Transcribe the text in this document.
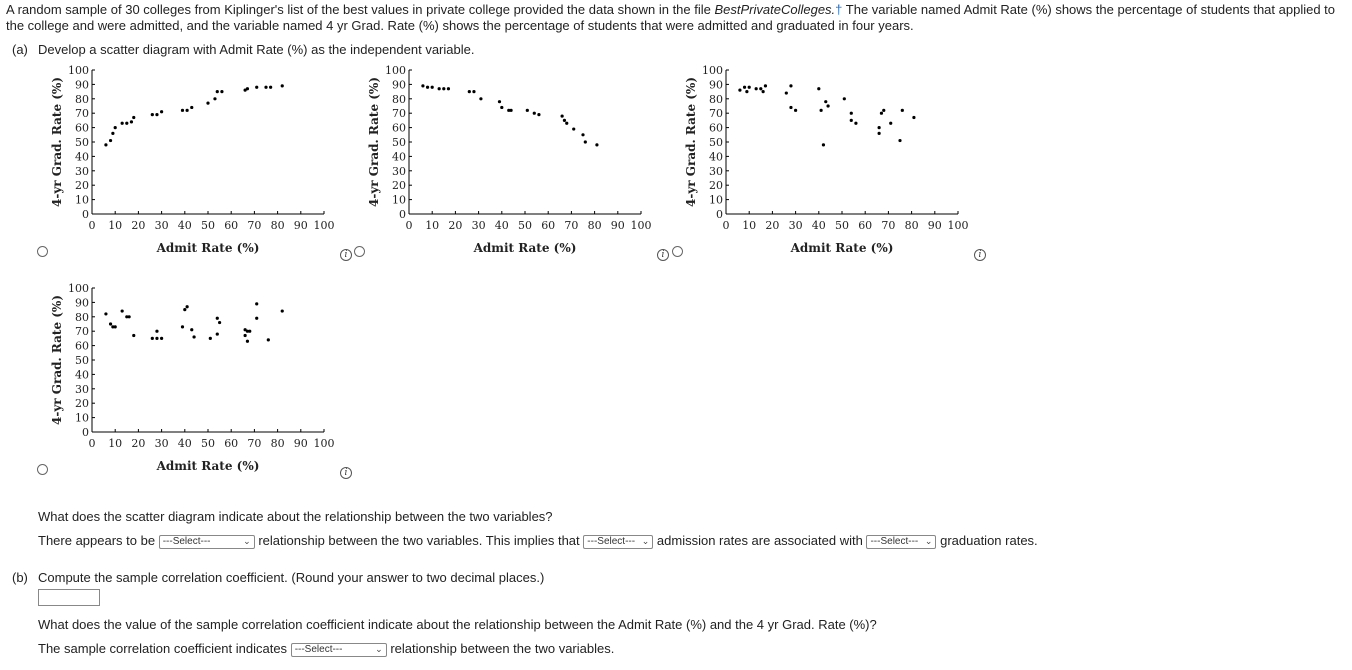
A random sample of 30 colleges from Kiplinger's list of the best values in private college provided the data shown in the file BestPrivateColleges.† The variable named Admit Rate (%) shows the percentage of students that applied to the college and were admitted, and the variable named 4 yr Grad. Rate (%) shows the percentage of students that were admitted and graduated in four years.
(a) Develop a scatter diagram with Admit Rate (%) as the independent variable.
0
10
20
30
40
50
60
70
80
90
100
0 10 20 30 40 50 60 70 80 90 100
Admit Rate (%)
4-yr Grad. Rate (%)
0
10
20
30
40
50
60
70
80
90
100
0 10 20 30 40 50 60 70 80 90 100
Admit Rate (%)
4-yr Grad. Rate (%)
0
10
20
30
40
50
60
70
80
90
100
0 10 20 30 40 50 60 70 80 90 100
Admit Rate (%)
4-yr Grad. Rate (%)
0
10
20
30
40
50
60
70
80
90
100
0 10 20 30 40 50 60 70 80 90 100
Admit Rate (%)
4-yr Grad. Rate (%)
i	i	i
i
What does the scatter diagram indicate about the relationship between the two variables?
There appears to be ---Select---	⌄ relationship between the two variables. This implies that ---Select--- ⌄ admission rates are associated with ---Select--- ⌄ graduation rates.
(b) Compute the sample correlation coefficient. (Round your answer to two decimal places.)
What does the value of the sample correlation coefficient indicate about the relationship between the Admit Rate (%) and the 4 yr Grad. Rate (%)?
The sample correlation coefficient indicates ---Select---	⌄ relationship between the two variables.
